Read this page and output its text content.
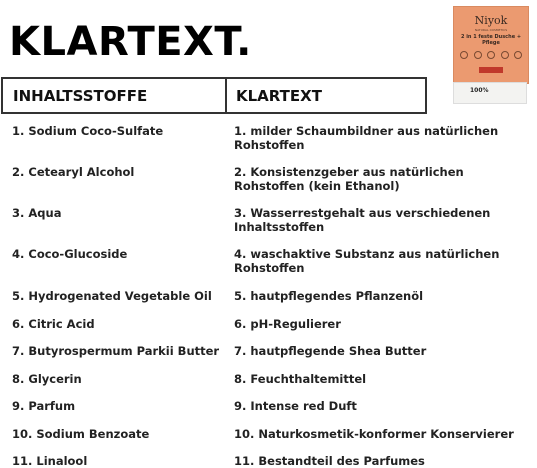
KLARTEXT.	Niyok
NATURAL COSMETICS
2 in 1 feste Dusche + Pflege
100%
INHALTSSTOFFE	KLARTEXT
1. Sodium Coco-Sulfate	1. milder Schaumbildner aus natürlichen Rohstoffen
2. Cetearyl Alcohol	2. Konsistenzgeber aus natürlichen Rohstoffen (kein Ethanol)
3. Aqua	3. Wasserrestgehalt aus verschiedenen Inhaltsstoffen
4. Coco-Glucoside	4. waschaktive Substanz aus natürlichen Rohstoffen
5. Hydrogenated Vegetable Oil	5. hautpflegendes Pflanzenöl
6. Citric Acid	6. pH-Regulierer
7. Butyrospermum Parkii Butter 7. hautpflegende Shea Butter
8. Glycerin	8. Feuchthaltemittel
9. Parfum	9. Intense red Duft
10. Sodium Benzoate	10. Naturkosmetik-konformer Konservierer
11. Linalool	11. Bestandteil des Parfumes
